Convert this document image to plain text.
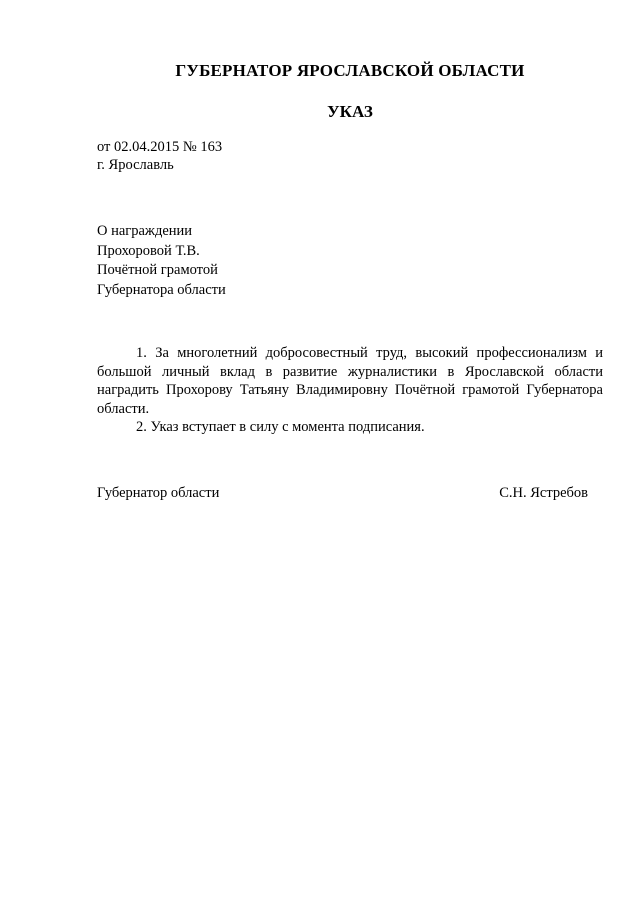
ГУБЕРНАТОР ЯРОСЛАВСКОЙ ОБЛАСТИ
УКАЗ
от 02.04.2015 № 163
г. Ярославль
О награждении
Прохоровой Т.В.
Почётной грамотой
Губернатора области

1. За многолетний добросовестный труд, высокий профессионализм и большой личный вклад в развитие журналистики в Ярославской области наградить Прохорову Татьяну Владимировну Почётной грамотой Губернатора области.

2. Указ вступает в силу с момента подписания.

Губернатор области	С.Н. Ястребов
